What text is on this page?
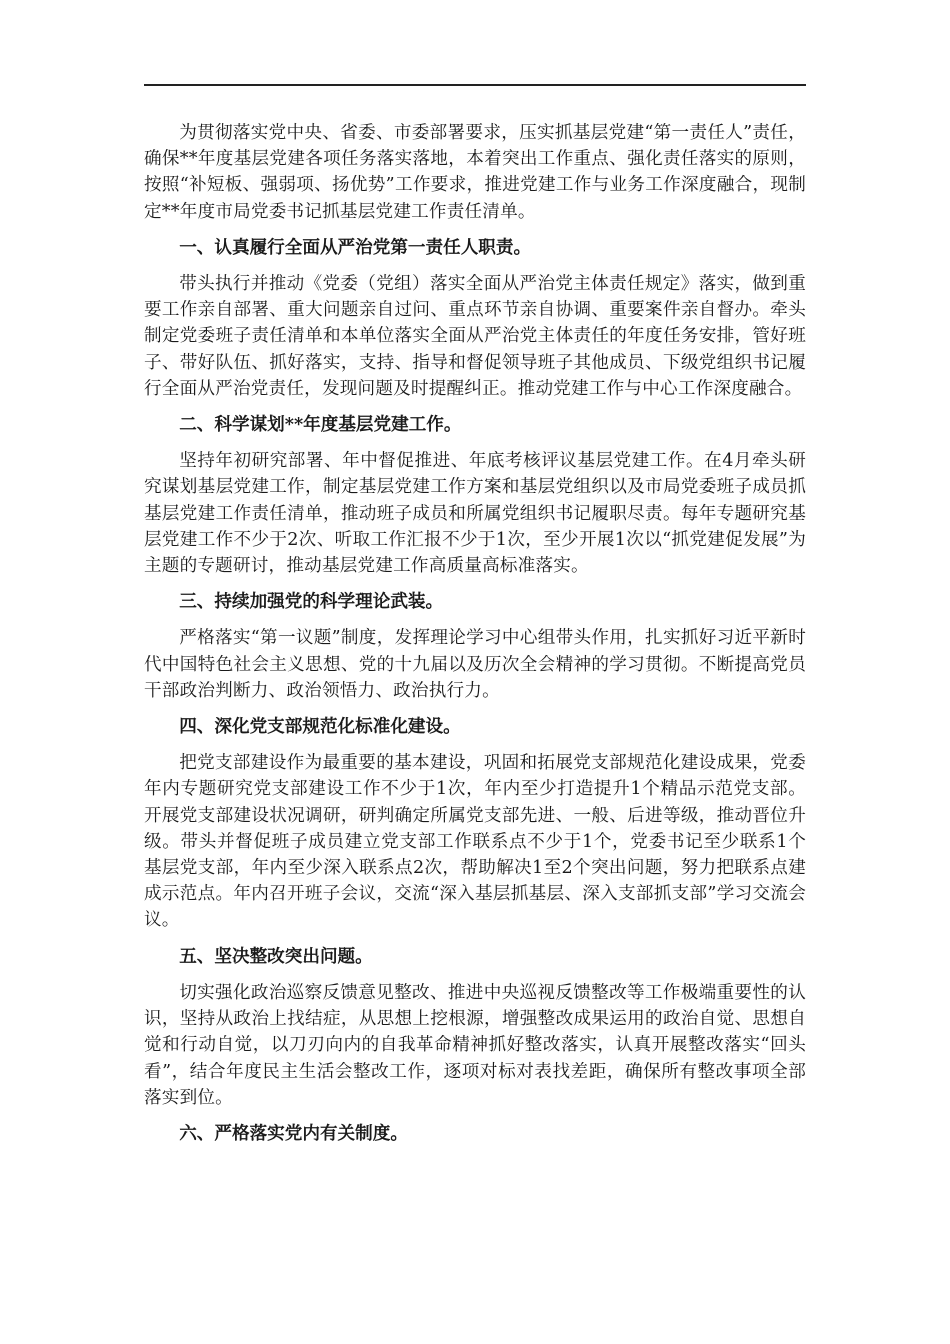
为贯彻落实党中央、省委、市委部署要求，压实抓基层党建“第一责任人”责任，确保**年度基层党建各项任务落实落地，本着突出工作重点、强化责任落实的原则，按照“补短板、强弱项、扬优势”工作要求，推进党建工作与业务工作深度融合，现制定**年度市局党委书记抓基层党建工作责任清单。

一、认真履行全面从严治党第一责任人职责。

带头执行并推动《党委（党组）落实全面从严治党主体责任规定》落实，做到重要工作亲自部署、重大问题亲自过问、重点环节亲自协调、重要案件亲自督办。牵头制定党委班子责任清单和本单位落实全面从严治党主体责任的年度任务安排，管好班子、带好队伍、抓好落实，支持、指导和督促领导班子其他成员、下级党组织书记履行全面从严治党责任，发现问题及时提醒纠正。推动党建工作与中心工作深度融合。

二、科学谋划**年度基层党建工作。

坚持年初研究部署、年中督促推进、年底考核评议基层党建工作。在4月牵头研究谋划基层党建工作，制定基层党建工作方案和基层党组织以及市局党委班子成员抓基层党建工作责任清单，推动班子成员和所属党组织书记履职尽责。每年专题研究基层党建工作不少于2次、听取工作汇报不少于1次，至少开展1次以“抓党建促发展”为主题的专题研讨，推动基层党建工作高质量高标准落实。

三、持续加强党的科学理论武装。

严格落实“第一议题”制度，发挥理论学习中心组带头作用，扎实抓好习近平新时代中国特色社会主义思想、党的十九届以及历次全会精神的学习贯彻。不断提高党员干部政治判断力、政治领悟力、政治执行力。

四、深化党支部规范化标准化建设。

把党支部建设作为最重要的基本建设，巩固和拓展党支部规范化建设成果，党委年内专题研究党支部建设工作不少于1次，年内至少打造提升1个精品示范党支部。开展党支部建设状况调研，研判确定所属党支部先进、一般、后进等级，推动晋位升级。带头并督促班子成员建立党支部工作联系点不少于1个，党委书记至少联系1个基层党支部，年内至少深入联系点2次，帮助解决1至2个突出问题，努力把联系点建成示范点。年内召开班子会议，交流“深入基层抓基层、深入支部抓支部”学习交流会议。

五、坚决整改突出问题。

切实强化政治巡察反馈意见整改、推进中央巡视反馈整改等工作极端重要性的认识，坚持从政治上找结症，从思想上挖根源，增强整改成果运用的政治自觉、思想自觉和行动自觉，以刀刃向内的自我革命精神抓好整改落实，认真开展整改落实“回头看”，结合年度民主生活会整改工作，逐项对标对表找差距，确保所有整改事项全部落实到位。

六、严格落实党内有关制度。
